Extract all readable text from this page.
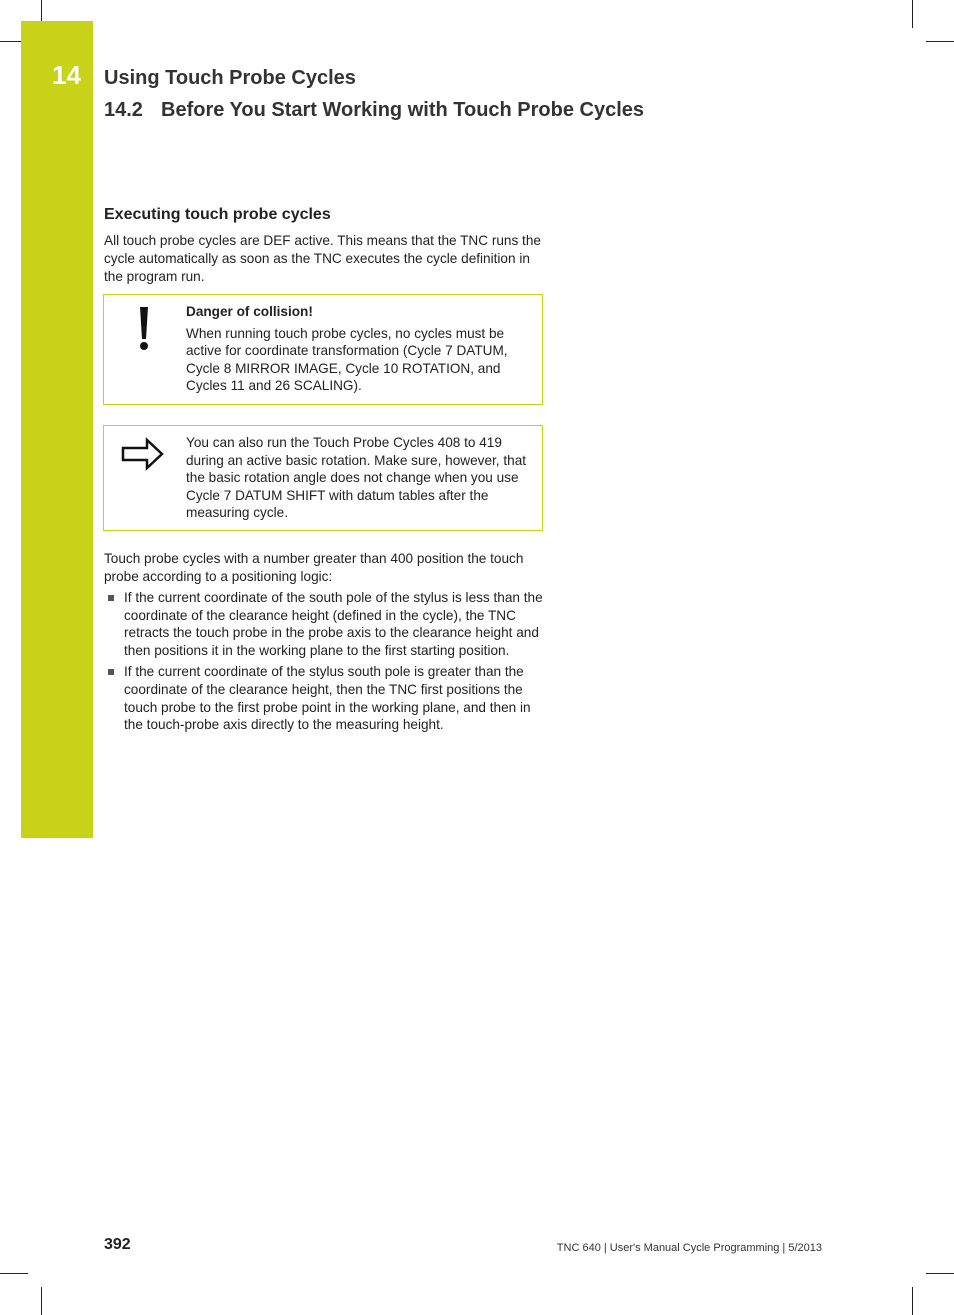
14 Using Touch Probe Cycles
14.2 Before You Start Working with Touch Probe Cycles
Executing touch probe cycles
All touch probe cycles are DEF active. This means that the TNC runs the cycle automatically as soon as the TNC executes the cycle definition in the program run.
Danger of collision!
When running touch probe cycles, no cycles must be active for coordinate transformation (Cycle 7 DATUM, Cycle 8 MIRROR IMAGE, Cycle 10 ROTATION, and Cycles 11 and 26 SCALING).
You can also run the Touch Probe Cycles 408 to 419 during an active basic rotation. Make sure, however, that the basic rotation angle does not change when you use Cycle 7 DATUM SHIFT with datum tables after the measuring cycle.
Touch probe cycles with a number greater than 400 position the touch probe according to a positioning logic:
If the current coordinate of the south pole of the stylus is less than the coordinate of the clearance height (defined in the cycle), the TNC retracts the touch probe in the probe axis to the clearance height and then positions it in the working plane to the first starting position.
If the current coordinate of the stylus south pole is greater than the coordinate of the clearance height, then the TNC first positions the touch probe to the first probe point in the working plane, and then in the touch-probe axis directly to the measuring height.
392	TNC 640 | User's Manual Cycle Programming | 5/2013
